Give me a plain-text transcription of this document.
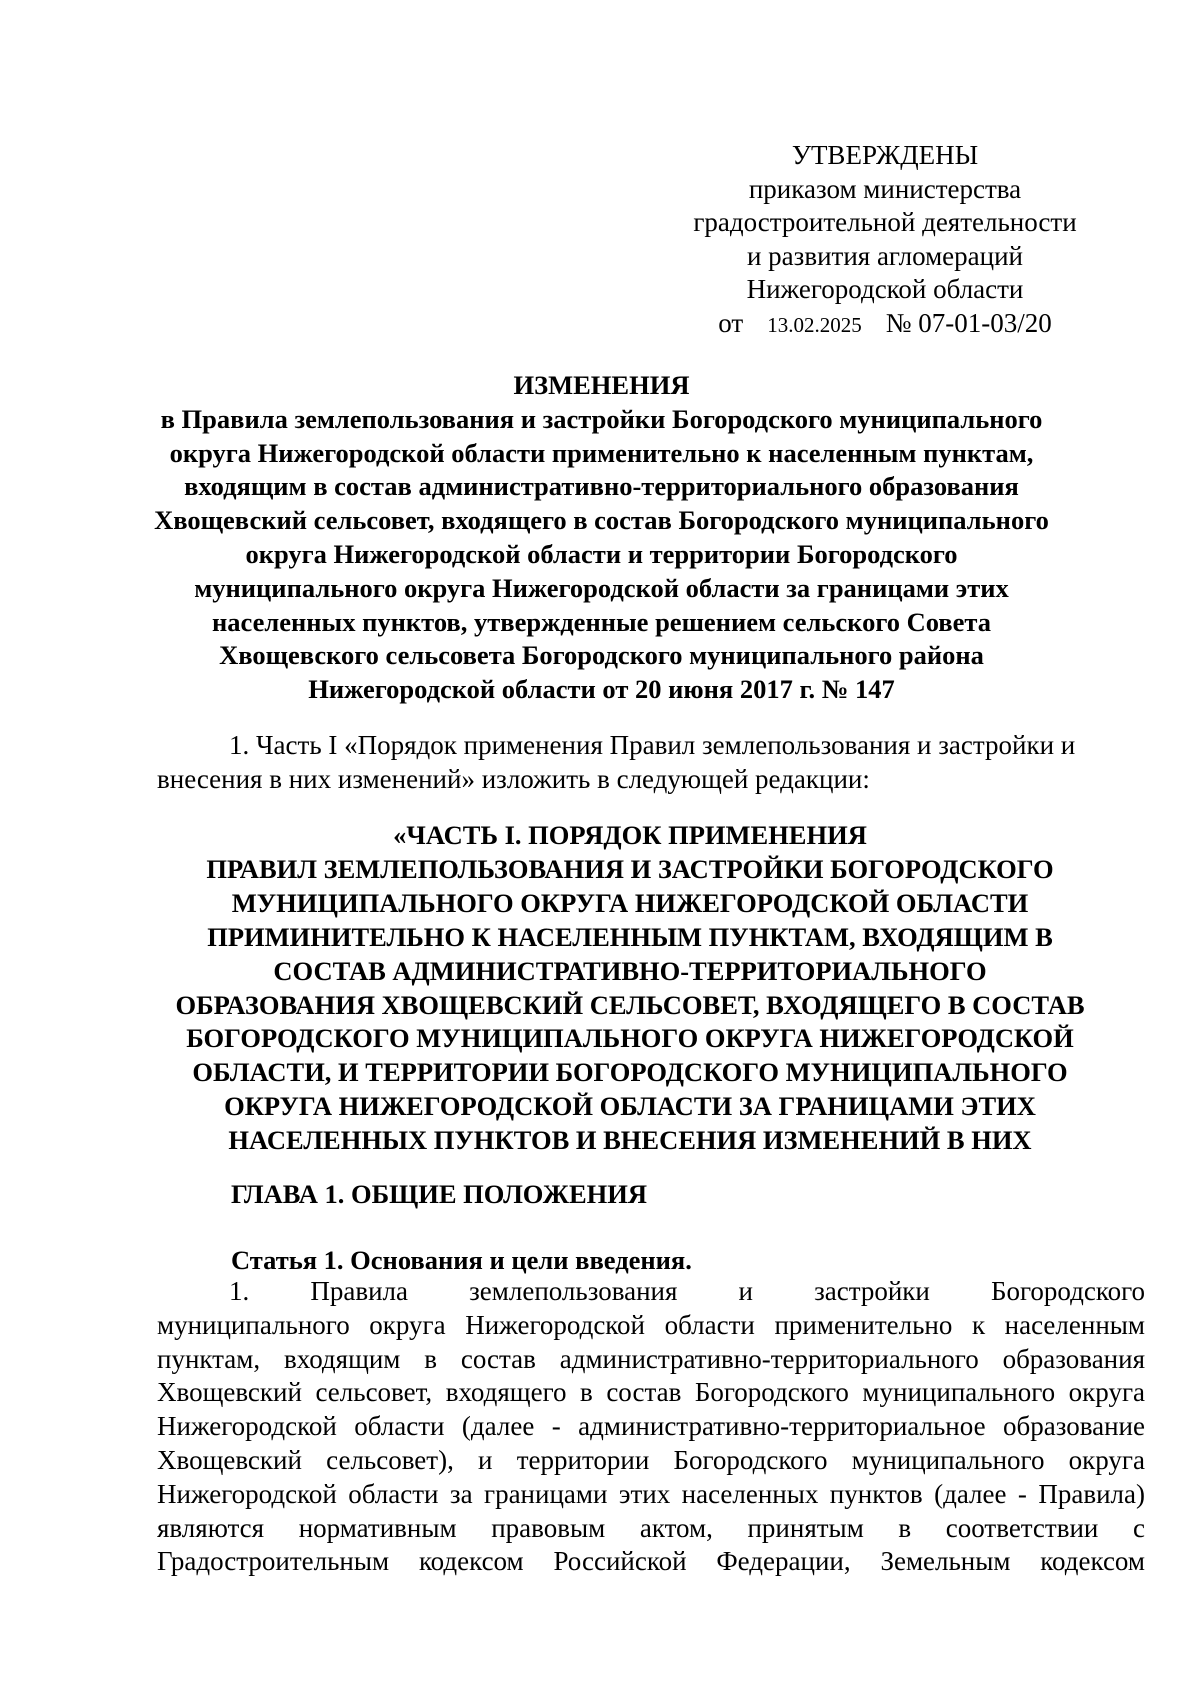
УТВЕРЖДЕНЫ
приказом министерства
градостроительной деятельности
и развития агломераций
Нижегородской области
от 13.02.2025 № 07-01-03/20
ИЗМЕНЕНИЯ
в Правила землепользования и застройки Богородского муниципального
округа Нижегородской области применительно к населенным пунктам,
входящим в состав административно-территориального образования
Хвощевский сельсовет, входящего в состав Богородского муниципального
округа Нижегородской области и территории Богородского
муниципального округа Нижегородской области за границами этих
населенных пунктов, утвержденные решением сельского Совета
Хвощевского сельсовета Богородского муниципального района
Нижегородской области от 20 июня 2017 г. № 147
1. Часть I «Порядок применения Правил землепользования и застройки и
внесения в них изменений» изложить в следующей редакции:
«ЧАСТЬ I. ПОРЯДОК ПРИМЕНЕНИЯ
ПРАВИЛ ЗЕМЛЕПОЛЬЗОВАНИЯ И ЗАСТРОЙКИ БОГОРОДСКОГО
МУНИЦИПАЛЬНОГО ОКРУГА НИЖЕГОРОДСКОЙ ОБЛАСТИ
ПРИМИНИТЕЛЬНО К НАСЕЛЕННЫМ ПУНКТАМ, ВХОДЯЩИМ В
СОСТАВ АДМИНИСТРАТИВНО-ТЕРРИТОРИАЛЬНОГО
ОБРАЗОВАНИЯ ХВОЩЕВСКИЙ СЕЛЬСОВЕТ, ВХОДЯЩЕГО В СОСТАВ
БОГОРОДСКОГО МУНИЦИПАЛЬНОГО ОКРУГА НИЖЕГОРОДСКОЙ
ОБЛАСТИ, И ТЕРРИТОРИИ БОГОРОДСКОГО МУНИЦИПАЛЬНОГО
ОКРУГА НИЖЕГОРОДСКОЙ ОБЛАСТИ ЗА ГРАНИЦАМИ ЭТИХ
НАСЕЛЕННЫХ ПУНКТОВ И ВНЕСЕНИЯ ИЗМЕНЕНИЙ В НИХ
ГЛАВА 1. ОБЩИЕ ПОЛОЖЕНИЯ
Статья 1. Основания и цели введения.
1. Правила землепользования и застройки Богородского
муниципального округа Нижегородской области применительно к населенным
пунктам, входящим в состав административно-территориального образования
Хвощевский сельсовет, входящего в состав Богородского муниципального округа
Нижегородской области (далее - административно-территориальное образование
Хвощевский сельсовет), и территории Богородского муниципального округа
Нижегородской области за границами этих населенных пунктов (далее - Правила)
являются нормативным правовым актом, принятым в соответствии с
Градостроительным кодексом Российской Федерации, Земельным кодексом
